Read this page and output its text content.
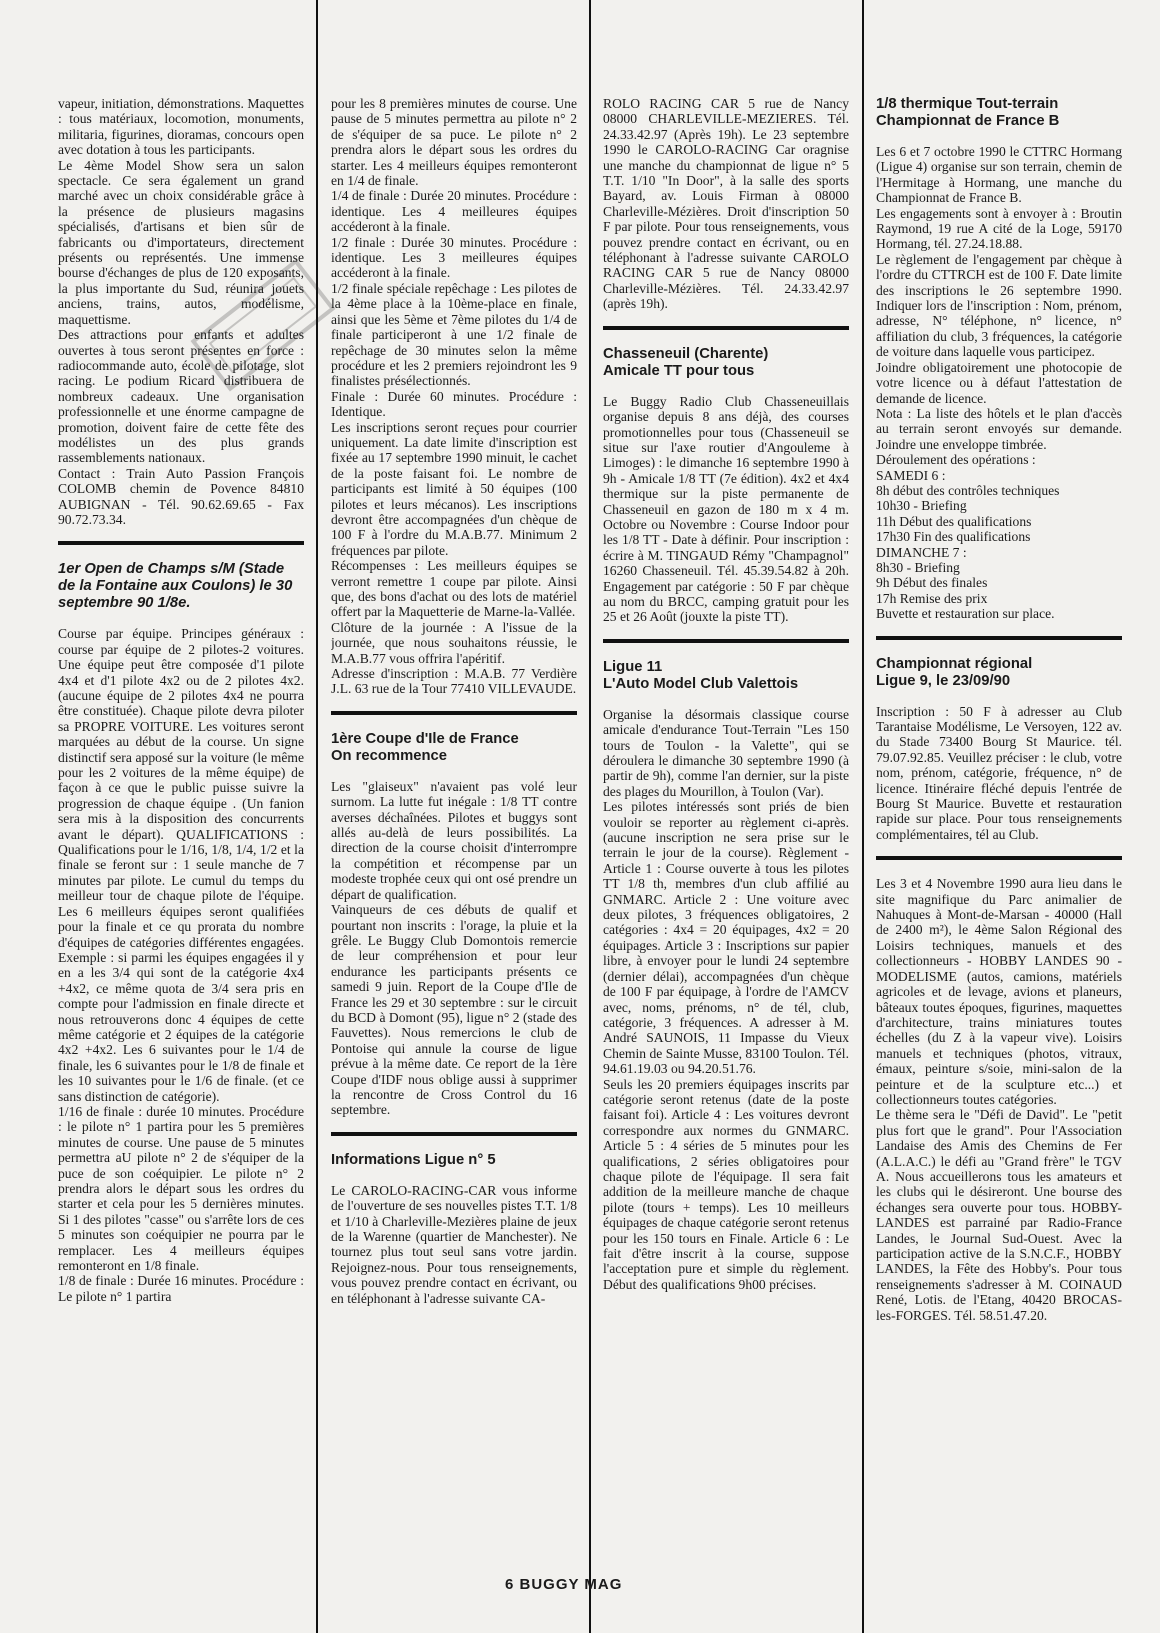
vapeur, initiation, démonstrations. Maquettes : tous matériaux, locomotion, monuments, militaria, figurines, dioramas, concours open avec dotation à tous les participants.
Le 4ème Model Show sera un salon spectacle. Ce sera également un grand marché avec un choix considérable grâce à la présence de plusieurs magasins spécialisés, d'artisans et bien sûr de fabricants ou d'importateurs, directement présents ou représentés. Une immense bourse d'échanges de plus de 120 exposants, la plus importante du Sud, réunira jouets anciens, trains, autos, modélisme, maquettisme.
Des attractions pour enfants et adultes ouvertes à tous seront présentes en force : radiocommande auto, école de pilotage, slot racing. Le podium Ricard distribuera de nombreux cadeaux. Une organisation professionnelle et une énorme campagne de promotion, doivent faire de cette fête des modélistes un des plus grands rassemblements nationaux.
Contact : Train Auto Passion François COLOMB chemin de Povence 84810 AUBIGNAN - Tél. 90.62.69.65 - Fax 90.72.73.34.

1er Open de Champs s/M (Stade de la Fontaine aux Coulons) le 30 septembre 90 1/8e.

Course par équipe. Principes généraux : course par équipe de 2 pilotes-2 voitures. Une équipe peut être composée d'1 pilote 4x4 et d'1 pilote 4x2 ou de 2 pilotes 4x2. (aucune équipe de 2 pilotes 4x4 ne pourra être constituée). Chaque pilote devra piloter sa PROPRE VOITURE. Les voitures seront marquées au début de la course. Un signe distinctif sera apposé sur la voiture (le même pour les 2 voitures de la même équipe) de façon à ce que le public puisse suivre la progression de chaque équipe . (Un fanion sera mis à la disposition des concurrents avant le départ). QUALIFICATIONS : Qualifications pour le 1/16, 1/8, 1/4, 1/2 et la finale se feront sur : 1 seule manche de 7 minutes par pilote. Le cumul du temps du meilleur tour de chaque pilote de l'équipe. Les 6 meilleurs équipes seront qualifiées pour la finale et ce qu prorata du nombre d'équipes de catégories différentes engagées. Exemple : si parmi les équipes engagées il y en a les 3/4 qui sont de la catégorie 4x4 +4x2, ce même quota de 3/4 sera pris en compte pour l'admission en finale directe et nous retrouverons donc 4 équipes de cette même catégorie et 2 équipes de la catégorie 4x2 +4x2. Les 6 suivantes pour le 1/4 de finale, les 6 suivantes pour le 1/8 de finale et les 10 suivantes pour le 1/6 de finale. (et ce sans distinction de catégorie).
1/16 de finale : durée 10 minutes. Procédure : le pilote n° 1 partira pour les 5 premières minutes de course. Une pause de 5 minutes permettra aU pilote n° 2 de s'équiper de la puce de son coéquipier. Le pilote n° 2 prendra alors le départ sous les ordres du starter et cela pour les 5 dernières minutes. Si 1 des pilotes "casse" ou s'arrête lors de ces 5 minutes son coéquipier ne pourra par le remplacer. Les 4 meilleurs équipes remonteront en 1/8 finale.
1/8 de finale : Durée 16 minutes. Procédure : Le pilote n° 1 partira

pour les 8 premières minutes de course. Une pause de 5 minutes permettra au pilote n° 2 de s'équiper de sa puce. Le pilote n° 2 prendra alors le départ sous les ordres du starter. Les 4 meilleurs équipes remonteront en 1/4 de finale.
1/4 de finale : Durée 20 minutes. Procédure : identique. Les 4 meilleures équipes accéderont à la finale.
1/2 finale : Durée 30 minutes. Procédure : identique. Les 3 meilleures équipes accéderont à la finale.
1/2 finale spéciale repêchage : Les pilotes de la 4ème place à la 10ème-place en finale, ainsi que les 5ème et 7ème pilotes du 1/4 de finale participeront à une 1/2 finale de repêchage de 30 minutes selon la même procédure et les 2 premiers rejoindront les 9 finalistes présélectionnés.
Finale : Durée 60 minutes. Procédure : Identique.
Les inscriptions seront reçues pour courrier uniquement. La date limite d'inscription est fixée au 17 septembre 1990 minuit, le cachet de la poste faisant foi. Le nombre de participants est limité à 50 équipes (100 pilotes et leurs mécanos). Les inscriptions devront être accompagnées d'un chèque de 100 F à l'ordre du M.A.B.77. Minimum 2 fréquences par pilote.
Récompenses : Les meilleurs équipes se verront remettre 1 coupe par pilote. Ainsi que, des bons d'achat ou des lots de matériel offert par la Maquetterie de Marne-la-Vallée.
Clôture de la journée : A l'issue de la journée, que nous souhaitons réussie, le M.A.B.77 vous offrira l'apéritif.
Adresse d'inscription : M.A.B. 77 Verdière J.L. 63 rue de la Tour 77410 VILLEVAUDE.

1ère Coupe d'Ile de France
On recommence

Les "glaiseux" n'avaient pas volé leur surnom. La lutte fut inégale : 1/8 TT contre averses déchaînées. Pilotes et buggys sont allés au-delà de leurs possibilités. La direction de la course choisit d'interrompre la compétition et récompense par un modeste trophée ceux qui ont osé prendre un départ de qualification.
Vainqueurs de ces débuts de qualif et pourtant non inscrits : l'orage, la pluie et la grêle. Le Buggy Club Domontois remercie de leur compréhension et pour leur endurance les participants présents ce samedi 9 juin. Report de la Coupe d'Ile de France les 29 et 30 septembre : sur le circuit du BCD à Domont (95), ligue n° 2 (stade des Fauvettes). Nous remercions le club de Pontoise qui annule la course de ligue prévue à la même date. Ce report de la 1ère Coupe d'IDF nous oblige aussi à supprimer la rencontre de Cross Control du 16 septembre.

Informations Ligue n° 5

Le CAROLO-RACING-CAR vous informe de l'ouverture de ses nouvelles pistes T.T. 1/8 et 1/10 à Charleville-Mezières plaine de jeux de la Warenne (quartier de Manchester). Ne tournez plus tout seul sans votre jardin. Rejoignez-nous. Pour tous renseignements, vous pouvez prendre contact en écrivant, ou en téléphonant à l'adresse suivante CA-

ROLO RACING CAR 5 rue de Nancy 08000 CHARLEVILLE-MEZIERES. Tél. 24.33.42.97 (Après 19h). Le 23 septembre 1990 le CAROLO-RACING Car oragnise une manche du championnat de ligue n° 5 T.T. 1/10 "In Door", à la salle des sports Bayard, av. Louis Firman à 08000 Charleville-Mézières. Droit d'inscription 50 F par pilote. Pour tous renseignements, vous pouvez prendre contact en écrivant, ou en téléphonant à l'adresse suivante CAROLO RACING CAR 5 rue de Nancy 08000 Charleville-Mézières. Tél. 24.33.42.97 (après 19h).

Chasseneuil (Charente)
Amicale TT pour tous

Le Buggy Radio Club Chasseneuillais organise depuis 8 ans déjà, des courses promotionnelles pour tous (Chasseneuil se situe sur l'axe routier d'Angouleme à Limoges) : le dimanche 16 septembre 1990 à 9h - Amicale 1/8 TT (7e édition). 4x2 et 4x4 thermique sur la piste permanente de Chasseneuil en gazon de 180 m x 4 m. Octobre ou Novembre : Course Indoor pour les 1/8 TT - Date à définir. Pour inscription : écrire à M. TINGAUD Rémy "Champagnol" 16260 Chasseneuil. Tél. 45.39.54.82 à 20h. Engagement par catégorie : 50 F par chèque au nom du BRCC, camping gratuit pour les 25 et 26 Août (jouxte la piste TT).

Ligue 11
L'Auto Model Club Valettois

Organise la désormais classique course amicale d'endurance Tout-Terrain "Les 150 tours de Toulon - la Valette", qui se déroulera le dimanche 30 septembre 1990 (à partir de 9h), comme l'an dernier, sur la piste des plages du Mourillon, à Toulon (Var).
Les pilotes intéressés sont priés de bien vouloir se reporter au règlement ci-après. (aucune inscription ne sera prise sur le terrain le jour de la course). Règlement - Article 1 : Course ouverte à tous les pilotes TT 1/8 th, membres d'un club affilié au GNMARC. Article 2 : Une voiture avec deux pilotes, 3 fréquences obligatoires, 2 catégories : 4x4 = 20 équipages, 4x2 = 20 équipages. Article 3 : Inscriptions sur papier libre, à envoyer pour le lundi 24 septembre (dernier délai), accompagnées d'un chèque de 100 F par équipage, à l'ordre de l'AMCV avec, noms, prénoms, n° de tél, club, catégorie, 3 fréquences. A adresser à M. André SAUNOIS, 11 Impasse du Vieux Chemin de Sainte Musse, 83100 Toulon. Tél. 94.61.19.03 ou 94.20.51.76.
Seuls les 20 premiers équipages inscrits par catégorie seront retenus (date de la poste faisant foi). Article 4 : Les voitures devront correspondre aux normes du GNMARC. Article 5 : 4 séries de 5 minutes pour les qualifications, 2 séries obligatoires pour chaque pilote de l'équipage. Il sera fait addition de la meilleure manche de chaque pilote (tours + temps). Les 10 meilleurs équipages de chaque catégorie seront retenus pour les 150 tours en Finale. Article 6 : Le fait d'être inscrit à la course, suppose l'acceptation pure et simple du règlement. Début des qualifications 9h00 précises.

1/8 thermique Tout-terrain
Championnat de France B

Les 6 et 7 octobre 1990 le CTTRC Hormang (Ligue 4) organise sur son terrain, chemin de l'Hermitage à Hormang, une manche du Championnat de France B.
Les engagements sont à envoyer à : Broutin Raymond, 19 rue A cité de la Loge, 59170 Hormang, tél. 27.24.18.88.
Le règlement de l'engagement par chèque à l'ordre du CTTRCH est de 100 F. Date limite des inscriptions le 26 septembre 1990. Indiquer lors de l'inscription : Nom, prénom, adresse, N° téléphone, n° licence, n° affiliation du club, 3 fréquences, la catégorie de voiture dans laquelle vous participez.
Joindre obligatoirement une photocopie de votre licence ou à défaut l'attestation de demande de licence.
Nota : La liste des hôtels et le plan d'accès au terrain seront envoyés sur demande. Joindre une enveloppe timbrée.
Déroulement des opérations :
SAMEDI 6 :
8h début des contrôles techniques
10h30 - Briefing
11h Début des qualifications
17h30 Fin des qualifications
DIMANCHE 7 :
8h30 - Briefing
9h Début des finales
17h Remise des prix
Buvette et restauration sur place.

Championnat régional
Ligue 9, le 23/09/90

Inscription : 50 F à adresser au Club Tarantaise Modélisme, Le Versoyen, 122 av. du Stade 73400 Bourg St Maurice. tél. 79.07.92.85. Veuillez préciser : le club, votre nom, prénom, catégorie, fréquence, n° de licence. Itinéraire fléché depuis l'entrée de Bourg St Maurice. Buvette et restauration rapide sur place. Pour tous renseignements complémentaires, tél au Club.

Les 3 et 4 Novembre 1990 aura lieu dans le site magnifique du Parc animalier de Nahuques à Mont-de-Marsan - 40000 (Hall de 2400 m²), le 4ème Salon Régional des Loisirs techniques, manuels et des collectionneurs - HOBBY LANDES 90 - MODELISME (autos, camions, matériels agricoles et de levage, avions et planeurs, bâteaux toutes époques, figurines, maquettes d'architecture, trains miniatures toutes échelles (du Z à la vapeur vive). Loisirs manuels et techniques (photos, vitraux, émaux, peinture s/soie, mini-salon de la peinture et de la sculpture etc...) et collectionneurs toutes catégories.
Le thème sera le "Défi de David". Le "petit plus fort que le grand". Pour l'Association Landaise des Amis des Chemins de Fer (A.L.A.C.) le défi au "Grand frère" le TGV A. Nous accueillerons tous les amateurs et les clubs qui le désireront. Une bourse des échanges sera ouverte pour tous. HOBBY-LANDES est parrainé par Radio-France Landes, le Journal Sud-Ouest. Avec la participation active de la S.N.C.F., HOBBY LANDES, la Fête des Hobby's. Pour tous renseignements s'adresser à M. COINAUD René, Lotis. de l'Etang, 40420 BROCAS-les-FORGES. Tél. 58.51.47.20.

6 BUGGY MAG
